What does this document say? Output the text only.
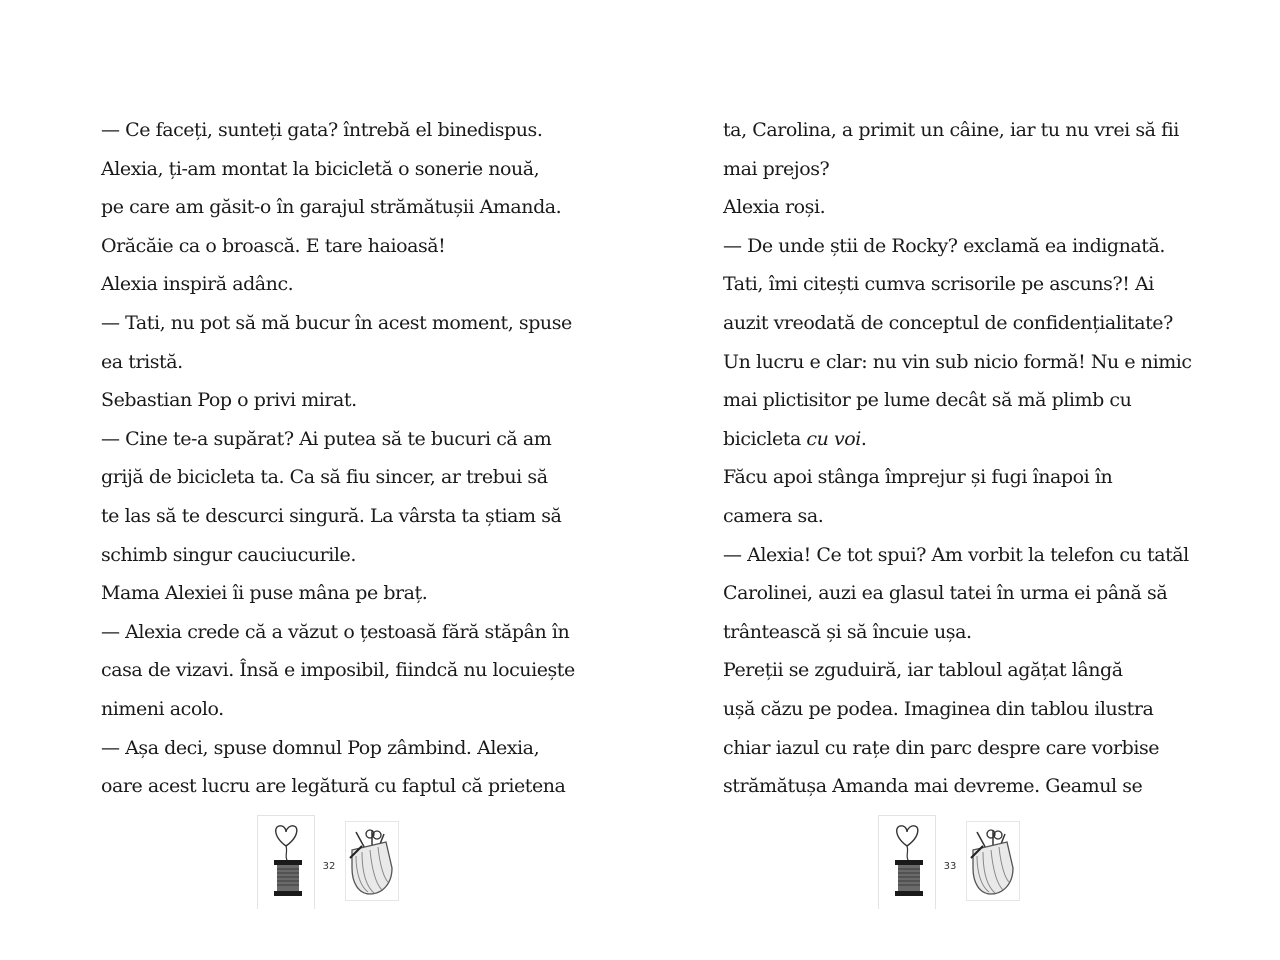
— Ce faceți, sunteți gata? întrebă el binedispus.
Alexia, ți-am montat la bicicletă o sonerie nouă,
pe care am găsit-o în garajul strămătușii Amanda.
Orăcăie ca o broască. E tare haioasă!
Alexia inspiră adânc.
— Tati, nu pot să mă bucur în acest moment, spuse
ea tristă.
Sebastian Pop o privi mirat.
— Cine te-a supărat? Ai putea să te bucuri că am
grijă de bicicleta ta. Ca să fiu sincer, ar trebui să
te las să te descurci singură. La vârsta ta știam să
schimb singur cauciucurile.
Mama Alexiei îi puse mâna pe braț.
— Alexia crede că a văzut o țestoasă fără stăpân în
casa de vizavi. Însă e imposibil, fiindcă nu locuiește
nimeni acolo.
— Așa deci, spuse domnul Pop zâmbind. Alexia,
oare acest lucru are legătură cu faptul că prietena
ta, Carolina, a primit un câine, iar tu nu vrei să fii
mai prejos?
Alexia roși.
— De unde știi de Rocky? exclamă ea indignată.
Tati, îmi citești cumva scrisorile pe ascuns?! Ai
auzit vreodată de conceptul de confidențialitate?
Un lucru e clar: nu vin sub nicio formă! Nu e nimic
mai plictisitor pe lume decât să mă plimb cu
bicicleta cu voi.
Făcu apoi stânga împrejur și fugi înapoi în
camera sa.
— Alexia! Ce tot spui? Am vorbit la telefon cu tatăl
Carolinei, auzi ea glasul tatei în urma ei până să
trântească și să încuie ușa.
Pereții se zguduiră, iar tabloul agățat lângă
ușă căzu pe podea. Imaginea din tablou ilustra
chiar iazul cu rațe din parc despre care vorbise
strămătușa Amanda mai devreme. Geamul se
32	33
